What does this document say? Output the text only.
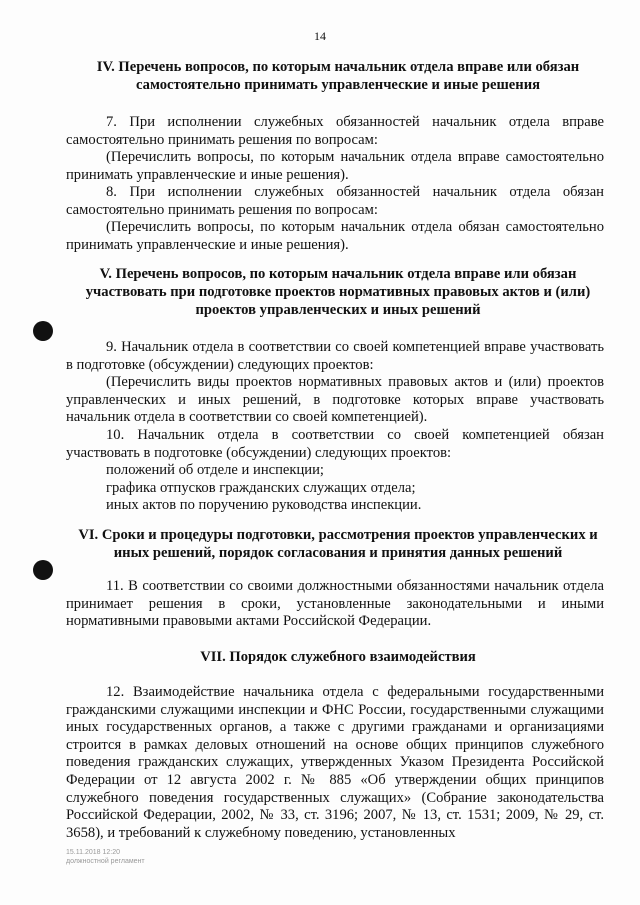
14

IV. Перечень вопросов, по которым начальник отдела вправе или обязан
самостоятельно принимать управленческие и иные решения

7. При исполнении служебных обязанностей начальник отдела вправе самостоятельно принимать решения по вопросам:

(Перечислить вопросы, по которым начальник отдела вправе самостоятельно принимать управленческие и иные решения).

8. При исполнении служебных обязанностей начальник отдела обязан самостоятельно принимать решения по вопросам:

(Перечислить вопросы, по которым начальник отдела обязан самостоятельно принимать управленческие и иные решения).

V. Перечень вопросов, по которым начальник отдела вправе или обязан
участвовать при подготовке проектов нормативных правовых актов и (или)
проектов управленческих и иных решений

9. Начальник отдела в соответствии со своей компетенцией вправе участвовать в подготовке (обсуждении) следующих проектов:

(Перечислить виды проектов нормативных правовых актов и (или) проектов управленческих и иных решений, в подготовке которых вправе участвовать начальник отдела в соответствии со своей компетенцией).

10. Начальник отдела в соответствии со своей компетенцией обязан участвовать в подготовке (обсуждении) следующих проектов:

положений об отделе и инспекции;

графика отпусков гражданских служащих отдела;

иных актов по поручению руководства инспекции.

VI. Сроки и процедуры подготовки, рассмотрения проектов управленческих и
иных решений, порядок согласования и принятия данных решений

11. В соответствии со своими должностными обязанностями начальник отдела принимает решения в сроки, установленные законодательными и иными нормативными правовыми актами Российской Федерации.

VII. Порядок служебного взаимодействия

12. Взаимодействие начальника отдела с федеральными государственными гражданскими служащими инспекции и ФНС России, государственными служащими иных государственных органов, а также с другими гражданами и организациями строится в рамках деловых отношений на основе общих принципов служебного поведения гражданских служащих, утвержденных Указом Президента Российской Федерации от 12 августа 2002 г. № 885 «Об утверждении общих принципов служебного поведения государственных служащих» (Собрание законодательства Российской Федерации, 2002, № 33, ст. 3196; 2007, № 13, ст. 1531; 2009, № 29, ст. 3658), и требований к служебному поведению, установленных

15.11.2018 12:20
должностной регламент
